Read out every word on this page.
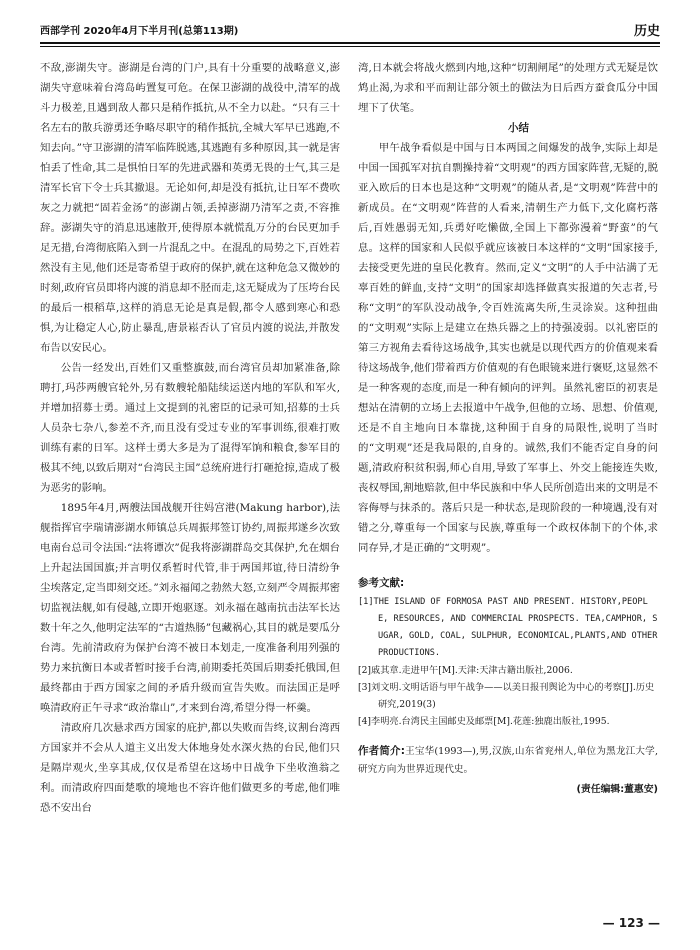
西部学刊 2020年4月下半月刊(总第113期)	历史

不敌,澎湖失守。澎湖是台湾的门户,具有十分重要的战略意义,澎湖失守意味着台湾岛屿置复可危。在保卫澎湖的战役中,清军的战斗力极差,且遇到敌人都只是稍作抵抗,从不全力以赴。“只有三十名左右的散兵游勇还争略尽职守的稍作抵抗,全城大军早已逃跑,不知去向。”守卫澎湖的清军临阵脱逃,其逃跑有多种原因,其一就是害怕丢了性命,其二是惧怕日军的先进武器和英勇无畏的士气,其三是清军长官下令士兵其撤退。无论如何,却是没有抵抗,让日军不费吹灰之力就把“固若金汤”的澎湖占领,丢掉澎湖乃清军之责,不容推辞。澎湖失守的消息迅速散开,使得原本就慌乱万分的台民更加手足无措,台湾彻底陷入到一片混乱之中。在混乱的局势之下,百姓若然没有主见,他们还是寄希望于政府的保护,就在这种危急又微妙的时刻,政府官员即将内渡的消息却不胫而走,这无疑成为了压垮台民的最后一根稻草,这样的消息无论是真是假,都令人感到寒心和恐惧,为让稳定人心,防止暴乱,唐景崧否认了官员内渡的说法,并散发布告以安民心。

公告一经发出,百姓们又重整旗鼓,而台湾官员却加紧准备,除聘打,玛莎两艘官轮外,另有数艘轮船陆续运送内地的军队和军火,并增加招募士勇。通过上文提到的礼密臣的记录可知,招募的士兵人员杂七杂八,参差不齐,而且没有受过专业的军事训练,很难打败训练有素的日军。这样士勇大多是为了混得军饷和粮食,参军目的极其不纯,以致后期对“台湾民主国”总统府进行打砸抢掠,造成了极为恶劣的影响。

1895年4月,两艘法国战舰开往妈宫港(Makung harbor),法舰指挥官孛瑞请澎湖水师镇总兵周振邦签订协约,周振邦遂乡次致电南台总司令法国:“法将谭次”促我将澎湖群岛交其保护,允在烟台上升起法国国旗;并言明仅系暂时代管,非于两国邦谊,待日清纷争尘埃落定,定当即刻交还。”刘永福闻之勃然大怒,立刻严令周振邦密切监视法舰,如有侵越,立即开炮驱逐。刘永福在越南抗击法军长达数十年之久,他明定法军的“古道热肠”包藏祸心,其目的就是要瓜分台湾。先前清政府为保护台湾不被日本划走,一度准备利用列强的势力来抗衡日本或者暂时接手台湾,前期委托英国后期委托俄国,但最终都由于西方国家之间的矛盾升级而宣告失败。而法国正是呼唤清政府正午寻求“政治靠山”,才来到台湾,希望分得一杯羹。

清政府几次悬求西方国家的庇护,都以失败而告终,议割台湾西方国家并不会从人道主义出发大体地身处水深火热的台民,他们只是隔岸观火,坐享其成,仅仅是希望在这场中日战争下坐收渔翁之利。而清政府四面楚歌的境地也不容许他们做更多的考虑,他们唯恐不安出台

湾,日本就会将战火燃到内地,这种“切割闸尾”的处理方式无疑是饮鸩止渴,为求和平而割让部分领土的做法为日后西方蚕食瓜分中国埋下了伏笔。

小结

甲午战争看似是中国与日本两国之间爆发的战争,实际上却是中国一国孤军对抗自剽操持着“文明观”的西方国家阵营,无疑的,脱亚入欧后的日本也是这种“文明观”的随从者,是“文明观”阵营中的新成员。在“文明观”阵营的人看来,清朝生产力低下,文化腐朽落后,百姓愚弱无知,兵勇好吃懒做,全国上下都弥漫着“野蛮”的气息。这样的国家和人民似乎就应该被日本这样的“文明”国家接手,去接受更先进的皇民化教育。然而,定义“文明”的人手中沾满了无辜百姓的鲜血,支持“文明”的国家却选择做真实报道的矢志者,号称“文明”的军队没动战争,令百姓流离失所,生灵涂炭。这种扭曲的“文明观”实际上是建立在热兵器之上的持强凌弱。以礼密臣的第三方视角去看待这场战争,其实也就是以现代西方的价值观来看待这场战争,他们带着西方价值观的有色眼镜来进行褒贬,这显然不是一种客观的态度,而是一种有倾向的评判。虽然礼密臣的初衷是想站在清朝的立场上去报道中午战争,但他的立场、思想、价值观,还是不自主地向日本靠拢,这种囿于自身的局限性,说明了当时的“文明观”还是我局限的,自身的。诚然,我们不能否定自身的问题,清政府积贫积弱,师心自用,导致了军事上、外交上能接连失败,丧权辱国,割地赔款,但中华民族和中华人民所创造出来的文明是不容侮辱与抹杀的。落后只是一种状态,是现阶段的一种境遇,没有对错之分,尊重每一个国家与民族,尊重每一个政权体制下的个体,求同存异,才是正确的“文明观”。

参考文献:
[1]THE ISLAND OF FORMOSA PAST AND PRESENT. HISTORY,PEOPLE, RESOURCES, AND COMMERCIAL PROSPECTS. TEA,CAMPHOR, SUGAR, GOLD, COAL, SULPHUR, ECONOMICAL,PLANTS,AND OTHER PRODUCTIONS.
[2]戚其章.走进甲午[M].天津:天津古籍出版社,2006.
[3]刘文明.文明话语与甲午战争——以美日报刊舆论为中心的考察[J].历史研究,2019(3)
[4]李明亮.台湾民主国邮史及邮票[M].花莲:独鹿出版社,1995.
作者简介:王宝华(1993—),男,汉族,山东省兖州人,单位为黑龙江大学,研究方向为世界近现代史。
(责任编辑:董惠安)
— 123 —
